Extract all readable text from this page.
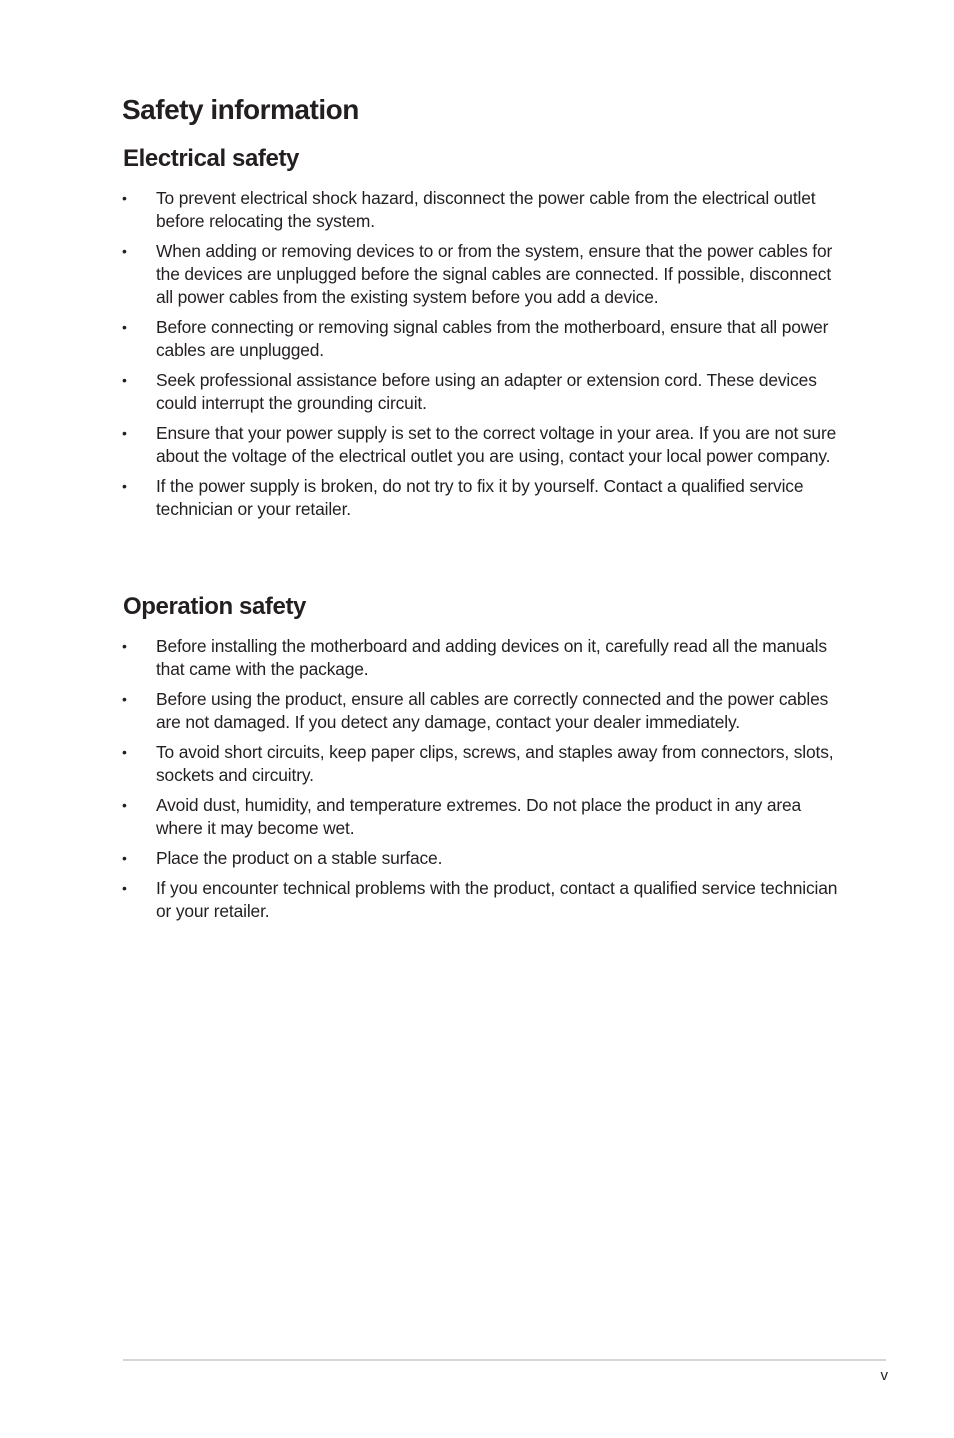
Safety information
Electrical safety
•	To prevent electrical shock hazard, disconnect the power cable from the electrical outlet before relocating the system.
•	When adding or removing devices to or from the system, ensure that the power cables for the devices are unplugged before the signal cables are connected. If possible, disconnect all power cables from the existing system before you add a device.
•	Before connecting or removing signal cables from the motherboard, ensure that all power cables are unplugged.
•	Seek professional assistance before using an adapter or extension cord. These devices could interrupt the grounding circuit.
•	Ensure that your power supply is set to the correct voltage in your area. If you are not sure about the voltage of the electrical outlet you are using, contact your local power company.
•	If the power supply is broken, do not try to fix it by yourself. Contact a qualified service technician or your retailer.
Operation safety
•	Before installing the motherboard and adding devices on it, carefully read all the manuals that came with the package.
•	Before using the product, ensure all cables are correctly connected and the power cables are not damaged. If you detect any damage, contact your dealer immediately.
•	To avoid short circuits, keep paper clips, screws, and staples away from connectors, slots, sockets and circuitry.
•	Avoid dust, humidity, and temperature extremes. Do not place the product in any area where it may become wet.
•	Place the product on a stable surface.
•	If you encounter technical problems with the product, contact a qualified service technician or your retailer.
v
